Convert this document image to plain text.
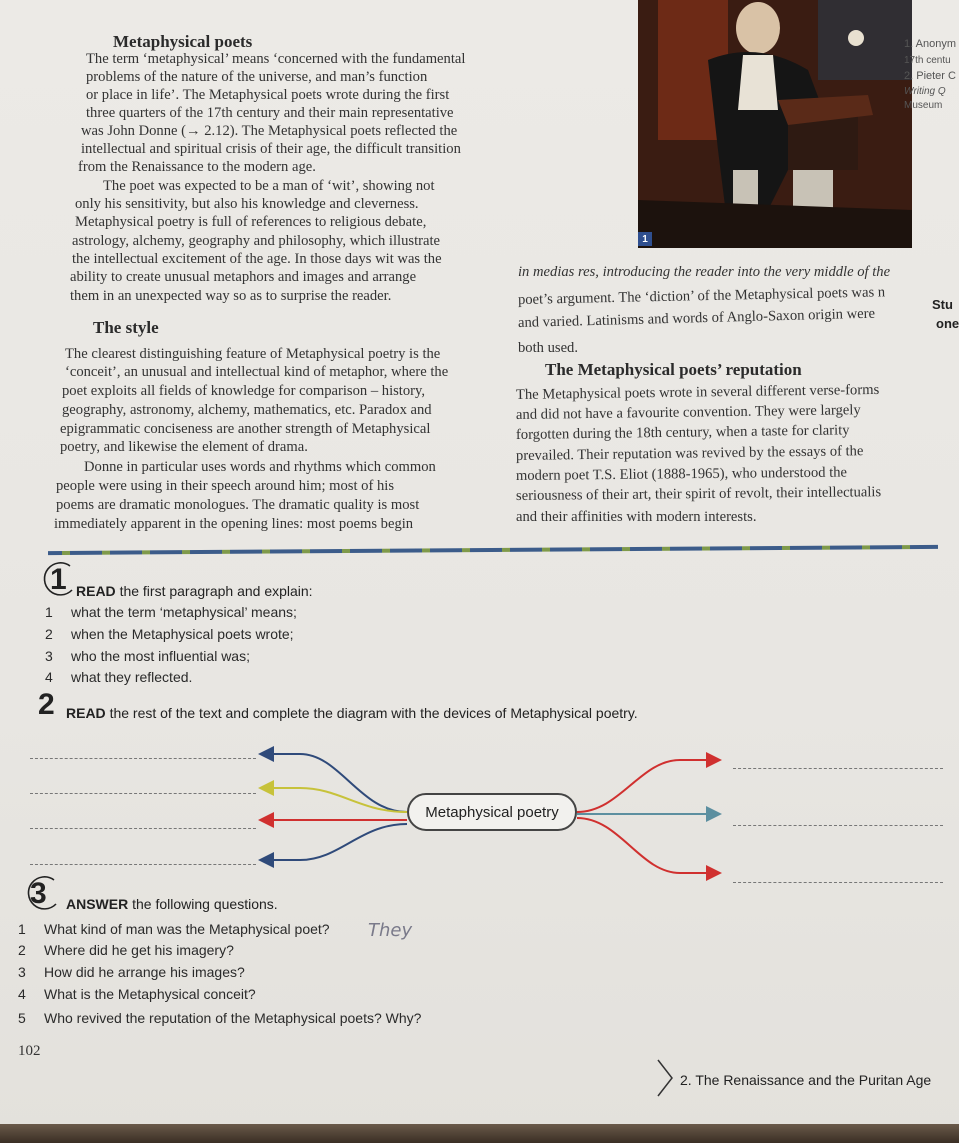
Metaphysical poets
The term ‘metaphysical’ means ‘concerned with the fundamental
problems of the nature of the universe, and man’s function
or place in life’. The Metaphysical poets wrote during the first
three quarters of the 17th century and their main representative
was John Donne (→ 2.12). The Metaphysical poets reflected the
intellectual and spiritual crisis of their age, the difficult transition
from the Renaissance to the modern age.
The poet was expected to be a man of ‘wit’, showing not
only his sensitivity, but also his knowledge and cleverness.
Metaphysical poetry is full of references to religious debate,
astrology, alchemy, geography and philosophy, which illustrate
the intellectual excitement of the age. In those days wit was the
ability to create unusual metaphors and images and arrange
them in an unexpected way so as to surprise the reader.
The style
The clearest distinguishing feature of Metaphysical poetry is the
‘conceit’, an unusual and intellectual kind of metaphor, where the
poet exploits all fields of knowledge for comparison – history,
geography, astronomy, alchemy, mathematics, etc. Paradox and
epigrammatic conciseness are another strength of Metaphysical
poetry, and likewise the element of drama.
Donne in particular uses words and rhythms which common
people were using in their speech around him; most of his
poems are dramatic monologues. The dramatic quality is most
immediately apparent in the opening lines: most poems begin
1
1. Anonym
17th centu
2. Pieter C
Writing Q
Museum
in medias res, introducing the reader into the very middle of the
poet’s argument. The ‘diction’ of the Metaphysical poets was n
and varied. Latinisms and words of Anglo-Saxon origin were
both used.
The Metaphysical poets’ reputation
The Metaphysical poets wrote in several different verse-forms
and did not have a favourite convention. They were largely
forgotten during the 18th century, when a taste for clarity
prevailed. Their reputation was revived by the essays of the
modern poet T.S. Eliot (1888-1965), who understood the
seriousness of their art, their spirit of revolt, their intellectualis
and their affinities with modern interests.
Stu
one
1 READ the first paragraph and explain:
1 what the term ‘metaphysical’ means;
2 when the Metaphysical poets wrote;
3 who the most influential was;
4 what they reflected.
2 READ the rest of the text and complete the diagram with the devices of Metaphysical poetry.
Metaphysical poetry
3 ANSWER the following questions.
1 What kind of man was the Metaphysical poet?
2 Where did he get his imagery?
3 How did he arrange his images?
4 What is the Metaphysical conceit?
5 Who revived the reputation of the Metaphysical poets? Why?
They
102
2. The Renaissance and the Puritan Age
